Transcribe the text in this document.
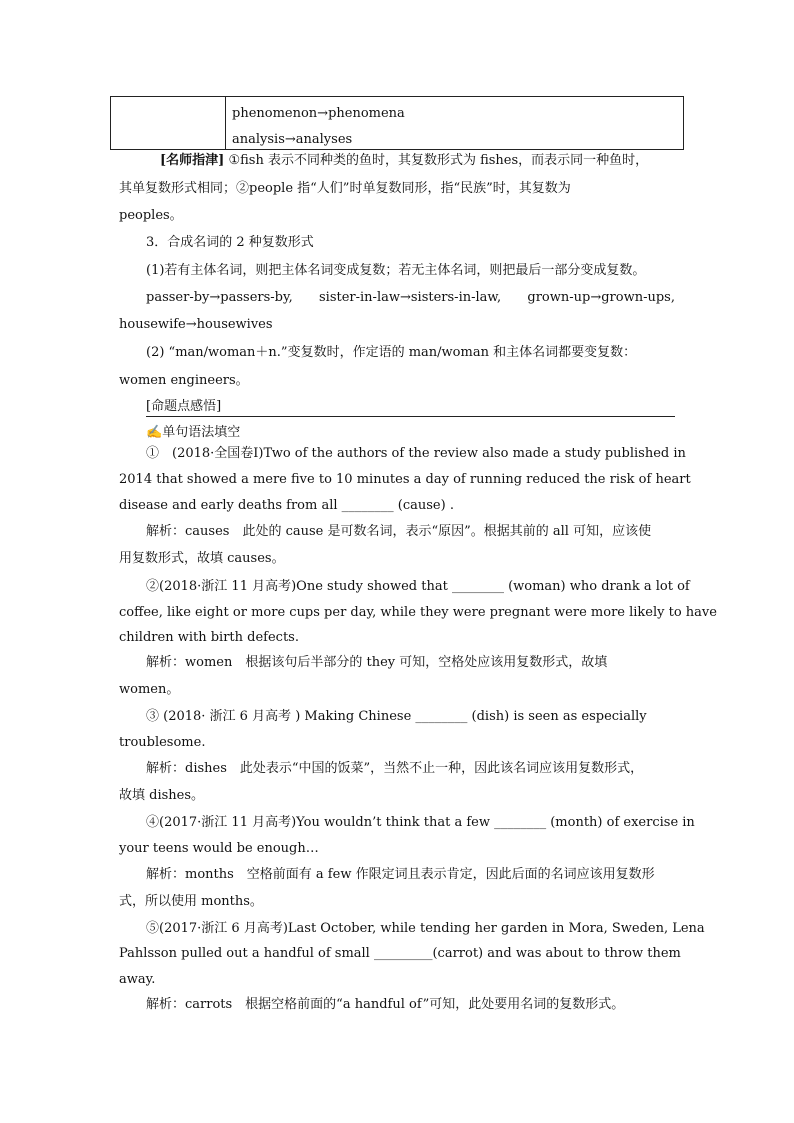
phenomenon→phenomena
analysis→analyses
[名师指津] ①fish 表示不同种类的鱼时，其复数形式为 fishes，而表示同一种鱼时，
其单复数形式相同；②people 指“人们”时单复数同形，指“民族”时，其复数为
peoples。
3．合成名词的 2 种复数形式
(1)若有主体名词，则把主体名词变成复数；若无主体名词，则把最后一部分变成复数。
passer-by→passers-by, sister-in-law→sisters-in-law, grown-up→grown-ups,
housewife→housewives
(2) “man/woman＋n.”变复数时，作定语的 man/woman 和主体名词都要变复数：
women engineers。
[命题点感悟]
✍单句语法填空
①　(2018·全国卷Ⅰ)Two of the authors of the review also made a study published in
2014 that showed a mere five to 10 minutes a day of running reduced the risk of heart
disease and early deaths from all ________ (cause) .
解析：causes　此处的 cause 是可数名词，表示“原因”。根据其前的 all 可知，应该使
用复数形式，故填 causes。
②(2018·浙江 11 月高考)One study showed that ________ (woman) who drank a lot of
coffee, like eight or more cups per day, while they were pregnant were more likely to have
children with birth defects.
解析：women　根据该句后半部分的 they 可知，空格处应该用复数形式，故填
women。
③ (2018· 浙江 6 月高考 ) Making Chinese ________ (dish) is seen as especially
troublesome.
解析：dishes　此处表示“中国的饭菜”，当然不止一种，因此该名词应该用复数形式，
故填 dishes。
④(2017·浙江 11 月高考)You wouldn’t think that a few ________ (month) of exercise in
your teens would be enough…
解析：months　空格前面有 a few 作限定词且表示肯定，因此后面的名词应该用复数形
式，所以使用 months。
⑤(2017·浙江 6 月高考)Last October, while tending her garden in Mora, Sweden, Lena
Pahlsson pulled out a handful of small _________(carrot) and was about to throw them
away.
解析：carrots　根据空格前面的“a handful of”可知，此处要用名词的复数形式。
